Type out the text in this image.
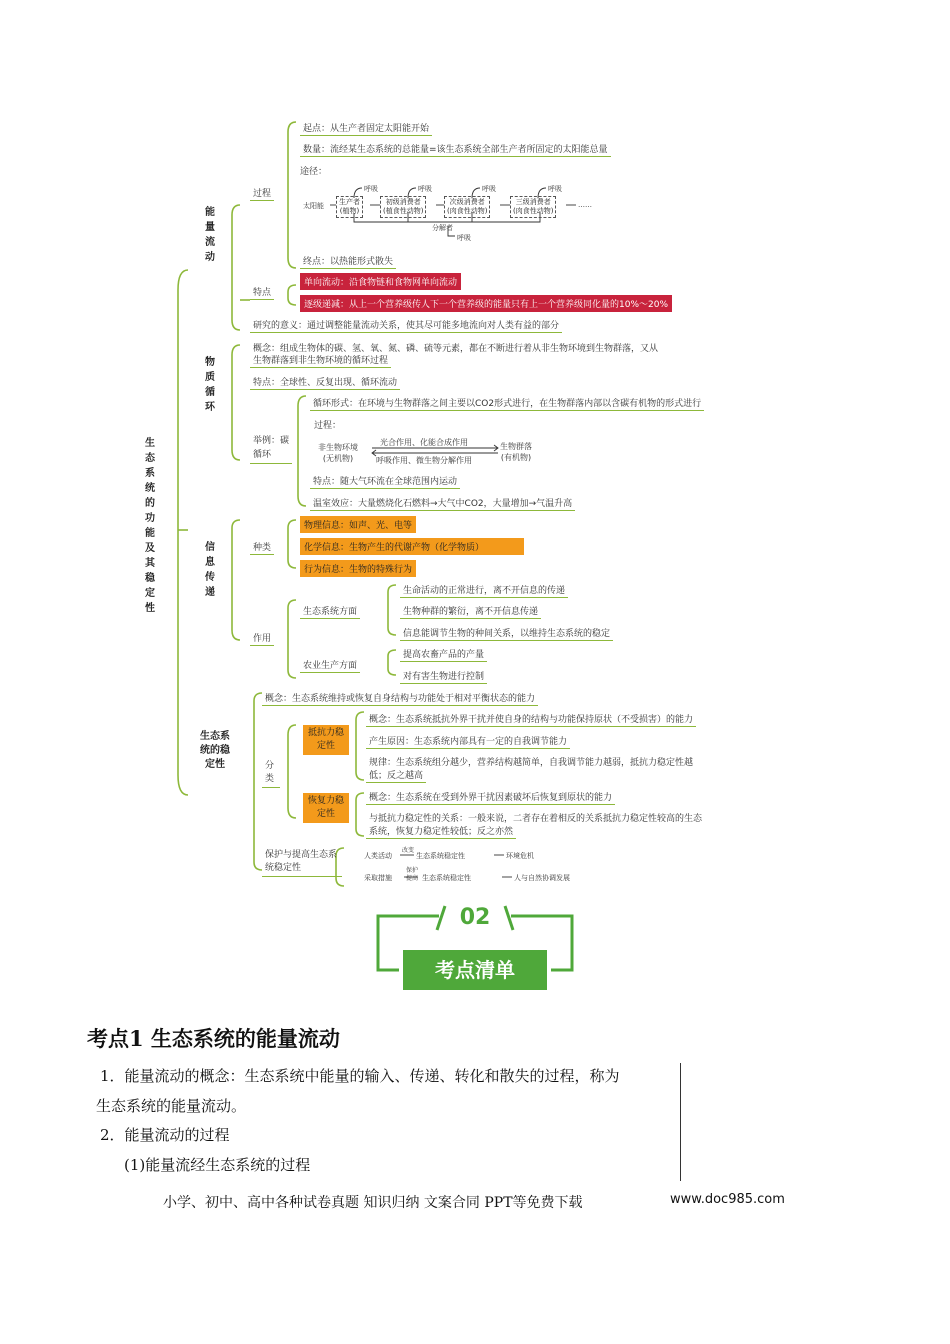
生态系统的功能及其稳定性
能量流动
过程
起点：从生产者固定太阳能开始
数量：流经某生态系统的总能量=该生态系统全部生产者所固定的太阳能总量
途径：
太阳能	生产者
(植物)
初级消费者
(植食性动物)
次级消费者
(肉食性动物)
三级消费者
(肉食性动物)
……
呼吸	呼吸	呼吸	呼吸
分解者
呼吸
终点：以热能形式散失
特点
单向流动：沿食物链和食物网单向流动
逐级递减：从上一个营养级传人下一个营养级的能量只有上一个营养级同化量的10%～20%
研究的意义：通过调整能量流动关系，使其尽可能多地流向对人类有益的部分
物质循环
概念：组成生物体的碳、氢、氧、氮、磷、硫等元素，都在不断进行着从非生物环境到生物群落，又从
生物群落到非生物环境的循环过程
特点：全球性、反复出现、循环流动
举例：碳循环
循环形式：在环境与生物群落之间主要以CO2形式进行，在生物群落内部以含碳有机物的形式进行
过程：
非生物环境
(无机物)
光合作用、化能合成作用
呼吸作用、微生物分解作用
生物群落
(有机物)
特点：随大气环流在全球范围内运动
温室效应：大量燃烧化石燃料→大气中CO2，大量增加→气温升高
信息传递
种类
物理信息：如声、光、电等
化学信息：生物产生的代谢产物（化学物质）
行为信息：生物的特殊行为
作用
生态系统方面
生命活动的正常进行，离不开信息的传递
生物种群的繁衍，离不开信息传递
信息能调节生物的种间关系，以维持生态系统的稳定
农业生产方面
提高农畜产品的产量
对有害生物进行控制
生态系统的稳定性
概念：生态系统维持或恢复自身结构与功能处于相对平衡状态的能力
分类
抵抗力稳定性
概念：生态系统抵抗外界干扰并使自身的结构与功能保持原状（不受损害）的能力
产生原因：生态系统内部具有一定的自我调节能力
规律：生态系统组分越少，营养结构越简单，自我调节能力越弱，抵抗力稳定性越
低；反之越高
恢复力稳定性
概念：生态系统在受到外界干扰因素破坏后恢复到原状的能力
与抵抗力稳定性的关系：一般来说，二者存在着相反的关系抵抗力稳定性较高的生态
系统，恢复力稳定性较低；反之亦然
保护与提高生态系统稳定性
人类活动
改变
生态系统稳定性	环境危机
采取措施
保护
提高 生态系统稳定性	人与自然协调发展
02
考点清单
考点1 生态系统的能量流动
1．能量流动的概念：生态系统中能量的输入、传递、转化和散失的过程，称为
生态系统的能量流动。
2．能量流动的过程
(1)能量流经生态系统的过程
小学、初中、高中各种试卷真题 知识归纳 文案合同 PPT等免费下载	www.doc985.com
